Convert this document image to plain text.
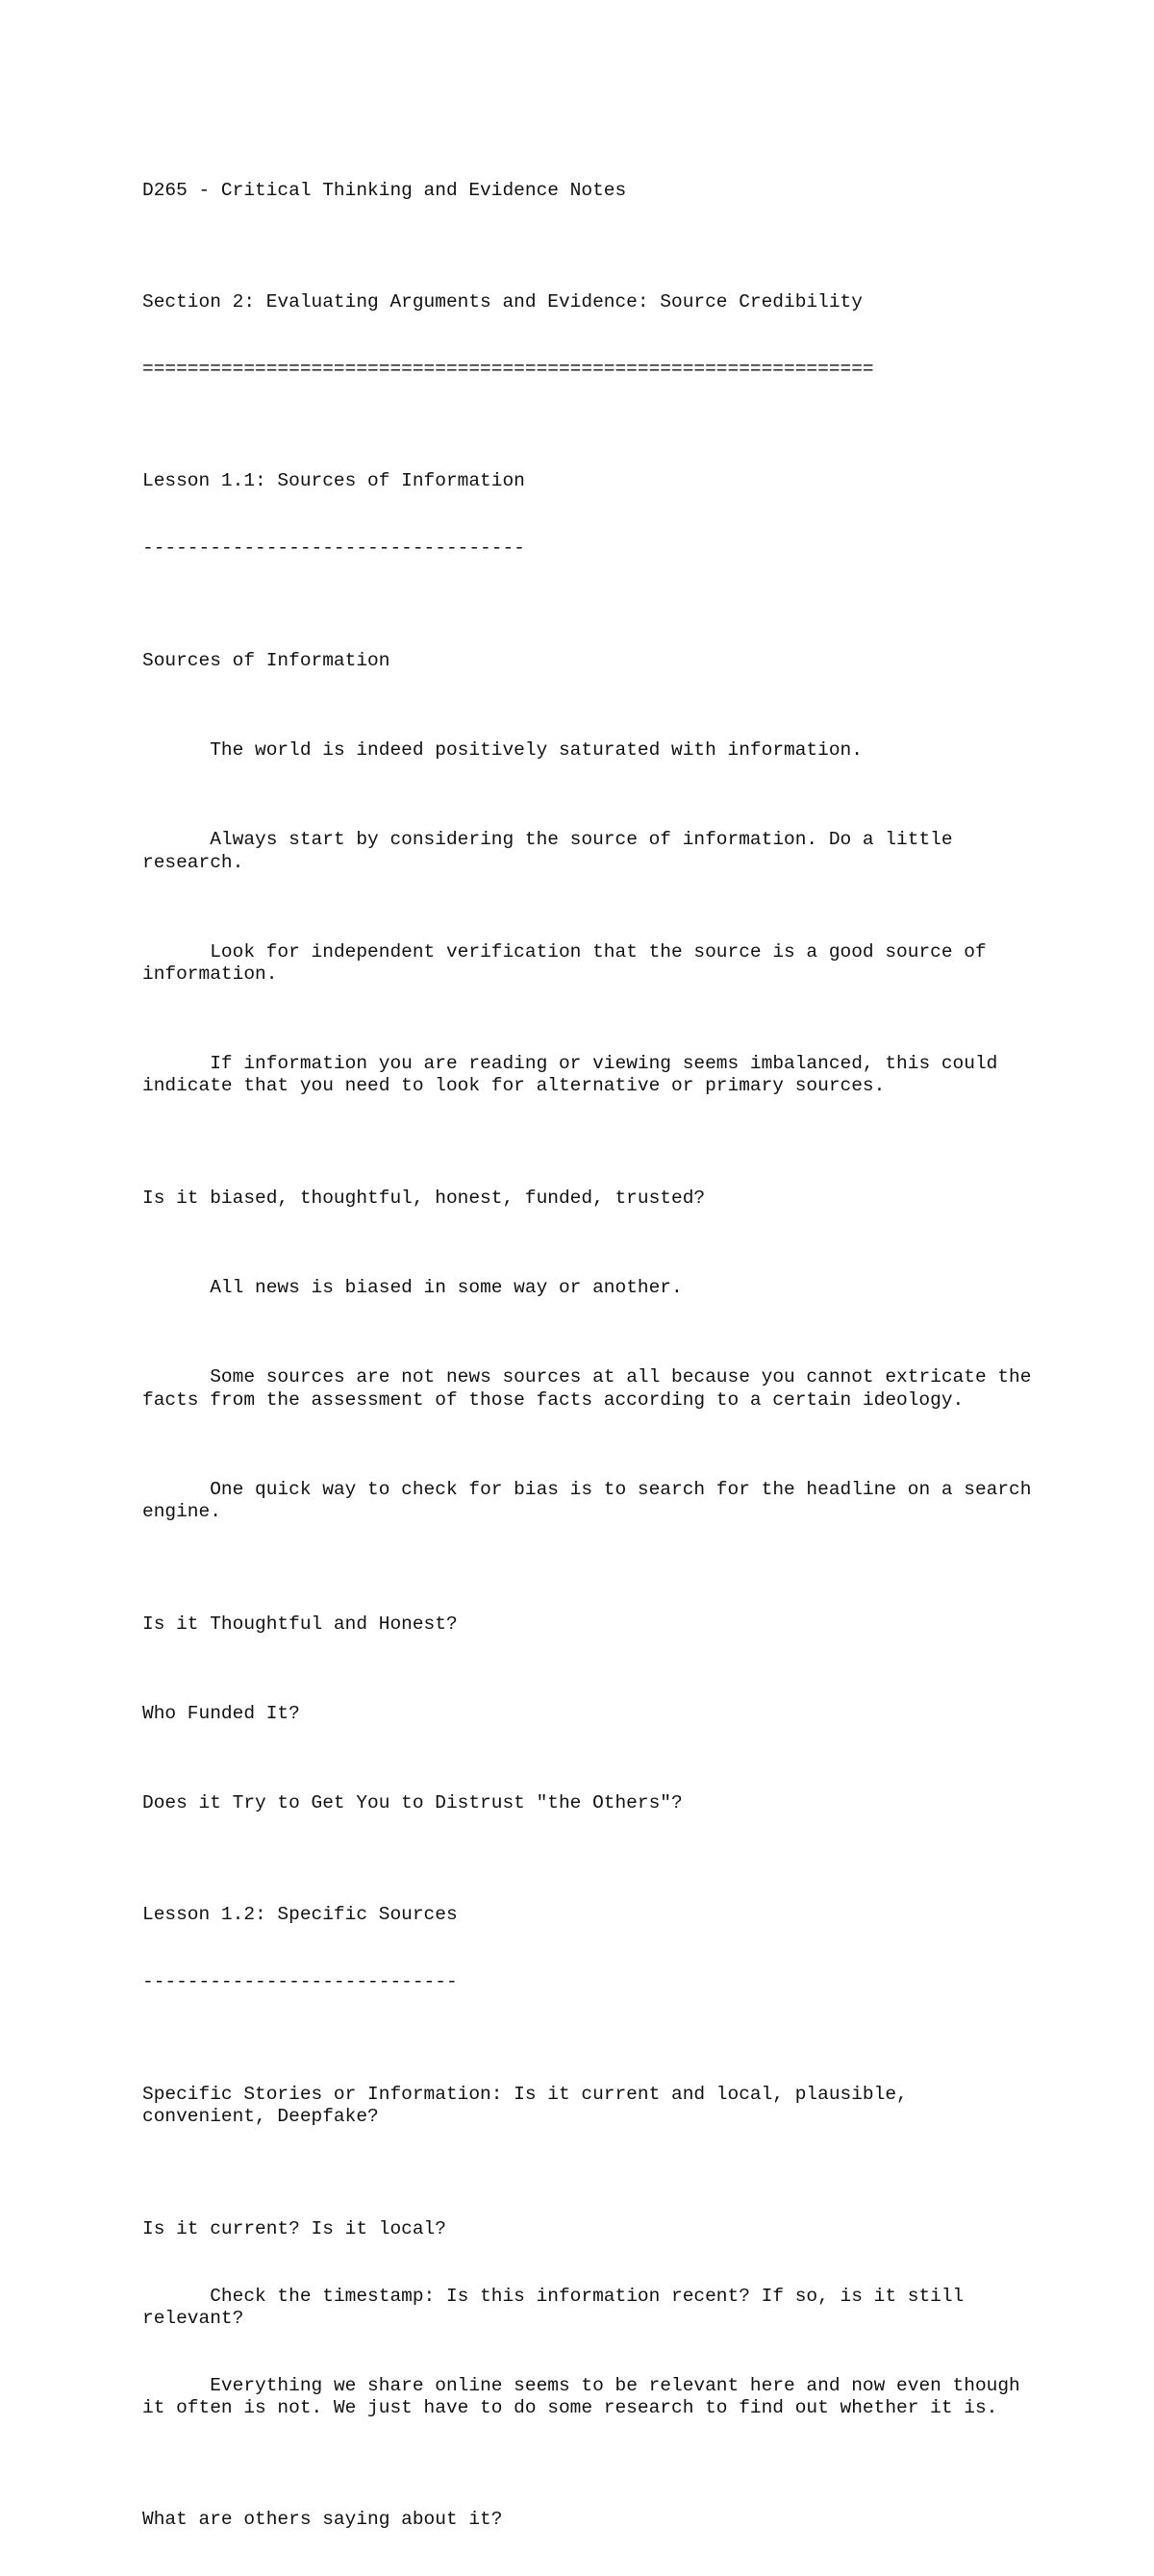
D265 - Critical Thinking and Evidence Notes

Section 2: Evaluating Arguments and Evidence: Source Credibility

=================================================================

Lesson 1.1: Sources of Information

----------------------------------

Sources of Information

The world is indeed positively saturated with information.

Always start by considering the source of information. Do a little research.

Look for independent verification that the source is a good source of information.

If information you are reading or viewing seems imbalanced, this could indicate that you need to look for alternative or primary sources.

Is it biased, thoughtful, honest, funded, trusted?

All news is biased in some way or another.

Some sources are not news sources at all because you cannot extricate the facts from the assessment of those facts according to a certain ideology.

One quick way to check for bias is to search for the headline on a search engine.

Is it Thoughtful and Honest?

Who Funded It?

Does it Try to Get You to Distrust "the Others"?

Lesson 1.2: Specific Sources

----------------------------

Specific Stories or Information: Is it current and local, plausible, convenient, Deepfake?

Is it current? Is it local?

Check the timestamp: Is this information recent? If so, is it still relevant?

Everything we share online seems to be relevant here and now even though it often is not. We just have to do some research to find out whether it is.

What are others saying about it?
